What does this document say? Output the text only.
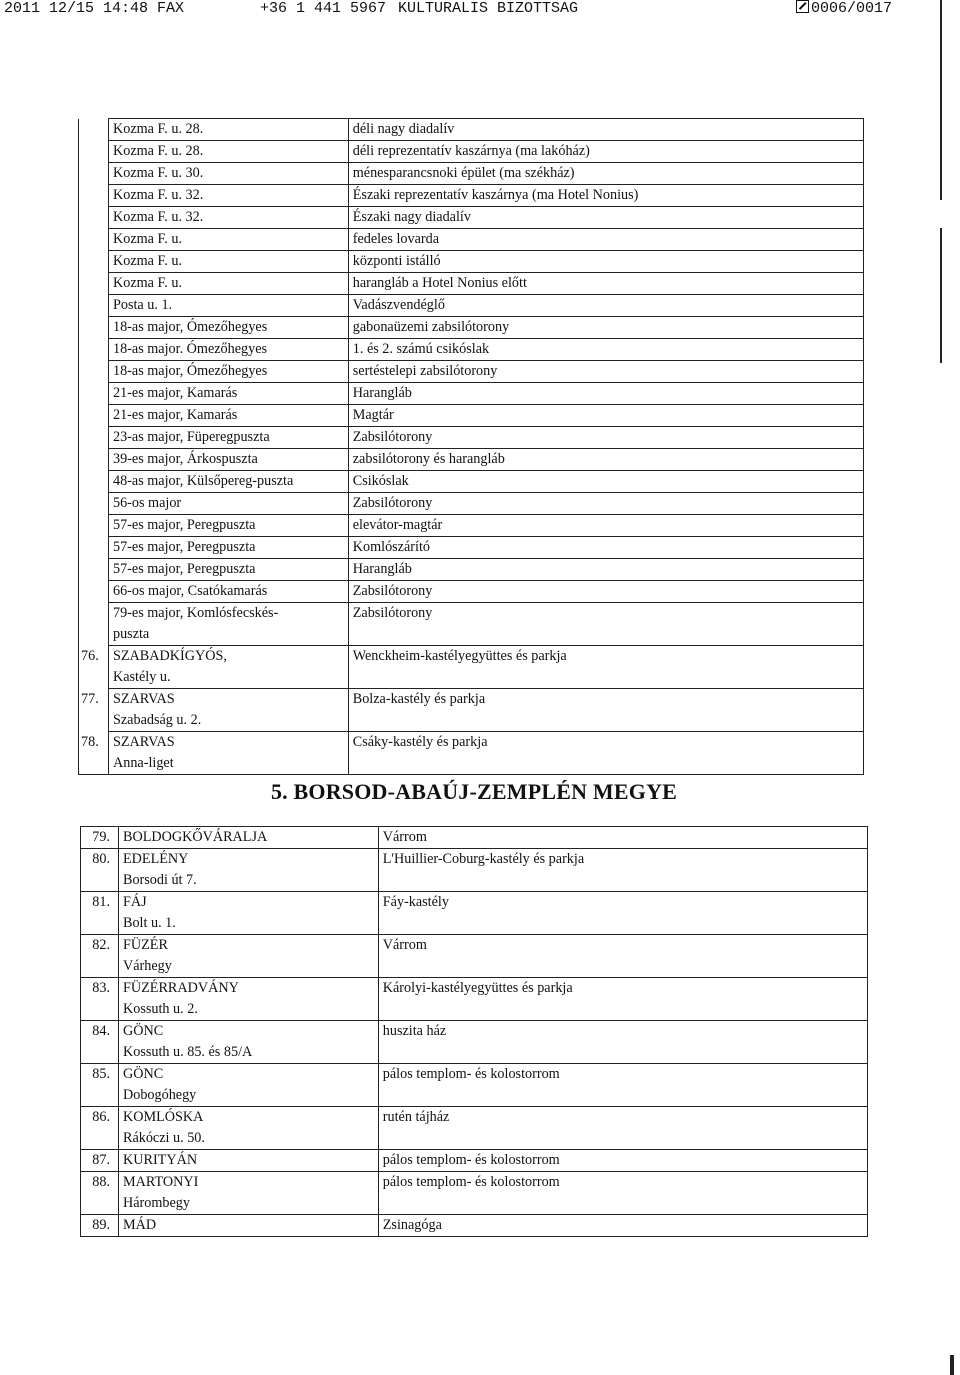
2011 12/15 14:48 FAX	+36 1 441 5967 KULTURALIS BIZOTTSAG	0006/0017

	Kozma F. u. 28.	déli nagy diadalív

	Kozma F. u. 28.	déli reprezentatív kaszárnya (ma lakóház)

	Kozma F. u. 30.	ménesparancsnoki épület (ma székház)

	Kozma F. u. 32.	Északi reprezentatív kaszárnya (ma Hotel Nonius)

	Kozma F. u. 32.	Északi nagy diadalív

	Kozma F. u.	fedeles lovarda

	Kozma F. u.	központi istálló

	Kozma F. u.	harangláb a Hotel Nonius előtt

	Posta u. 1.	Vadászvendéglő

	18-as major, Ómezőhegyes	gabonaüzemi zabsilótorony

	18-as major. Ómezőhegyes	1. és 2. számú csikóslak

	18-as major, Ómezőhegyes	sertéstelepi zabsilótorony

	21-es major, Kamarás	Harangláb

	21-es major, Kamarás	Magtár

	23-as major, Füperegpuszta	Zabsilótorony

	39-es major, Árkospuszta	zabsilótorony és harangláb

	48-as major, Külsőpereg-puszta	Csikóslak

	56-os major	Zabsilótorony

	57-es major, Peregpuszta	elevátor-magtár

	57-es major, Peregpuszta	Komlószárító

	57-es major, Peregpuszta	Harangláb

	66-os major, Csatókamarás	Zabsilótorony

	79-es major, Komlósfecskés-
puszta	Zabsilótorony
76.	SZABADKÍGYÓS,
Kastély u.	Wenckheim-kastélyegyüttes és parkja
77.	SZARVAS
Szabadság u. 2.	Bolza-kastély és parkja
78.	SZARVAS
Anna-liget	Csáky-kastély és parkja
5. BORSOD-ABAÚJ-ZEMPLÉN MEGYE
79.	BOLDOGKŐVÁRALJA	Várrom
80.	EDELÉNY
Borsodi út 7.	L'Huillier-Coburg-kastély és parkja
81.	FÁJ
Bolt u. 1.	Fáy-kastély
82.	FÜZÉR
Várhegy	Várrom
83.	FÜZÉRRADVÁNY
Kossuth u. 2.	Károlyi-kastélyegyüttes és parkja
84.	GÖNC
Kossuth u. 85. és 85/A	huszita ház
85.	GÖNC
Dobogóhegy	pálos templom- és kolostorrom
86.	KOMLÓSKA
Rákóczi u. 50.	rutén tájház
87.	KURITYÁN	pálos templom- és kolostorrom
88.	MARTONYI
Hárombegy	pálos templom- és kolostorrom
89.	MÁD	Zsinagóga
